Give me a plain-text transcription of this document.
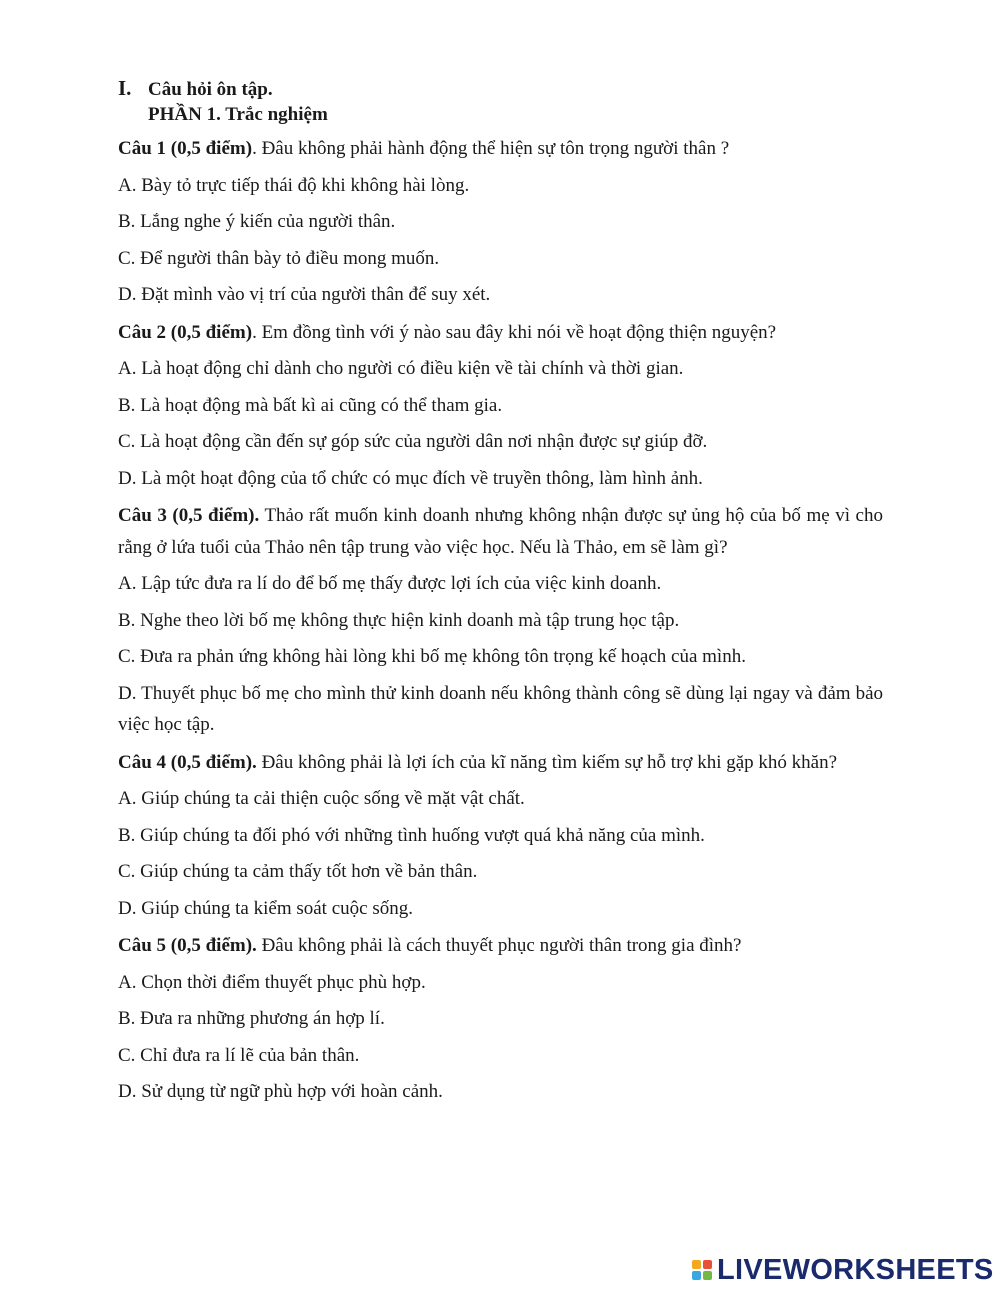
I. Câu hỏi ôn tập.
PHẦN 1. Trắc nghiệm
Câu 1 (0,5 điểm). Đâu không phải hành động thể hiện sự tôn trọng người thân ?
A. Bày tỏ trực tiếp thái độ khi không hài lòng.
B. Lắng nghe ý kiến của người thân.
C. Để người thân bày tỏ điều mong muốn.
D. Đặt mình vào vị trí của người thân để suy xét.
Câu 2 (0,5 điểm). Em đồng tình với ý nào sau đây khi nói về hoạt động thiện nguyện?
A. Là hoạt động chỉ dành cho người có điều kiện về tài chính và thời gian.
B. Là hoạt động mà bất kì ai cũng có thể tham gia.
C. Là hoạt động cần đến sự góp sức của người dân nơi nhận được sự giúp đỡ.
D. Là một hoạt động của tổ chức có mục đích về truyền thông, làm hình ảnh.
Câu 3 (0,5 điểm). Thảo rất muốn kinh doanh nhưng không nhận được sự ủng hộ của bố mẹ vì cho rằng ở lứa tuổi của Thảo nên tập trung vào việc học. Nếu là Thảo, em sẽ làm gì?
A. Lập tức đưa ra lí do để bố mẹ thấy được lợi ích của việc kinh doanh.
B. Nghe theo lời bố mẹ không thực hiện kinh doanh mà tập trung học tập.
C. Đưa ra phản ứng không hài lòng khi bố mẹ không tôn trọng kế hoạch của mình.
D. Thuyết phục bố mẹ cho mình thử kinh doanh nếu không thành công sẽ dùng lại ngay và đảm bảo việc học tập.
Câu 4 (0,5 điểm). Đâu không phải là lợi ích của kĩ năng tìm kiếm sự hỗ trợ khi gặp khó khăn?
A. Giúp chúng ta cải thiện cuộc sống về mặt vật chất.
B. Giúp chúng ta đối phó với những tình huống vượt quá khả năng của mình.
C. Giúp chúng ta cảm thấy tốt hơn về bản thân.
D. Giúp chúng ta kiểm soát cuộc sống.
Câu 5 (0,5 điểm). Đâu không phải là cách thuyết phục người thân trong gia đình?
A. Chọn thời điểm thuyết phục phù hợp.
B. Đưa ra những phương án hợp lí.
C. Chỉ đưa ra lí lẽ của bản thân.
D. Sử dụng từ ngữ phù hợp với hoàn cảnh.
LIVEWORKSHEETS
